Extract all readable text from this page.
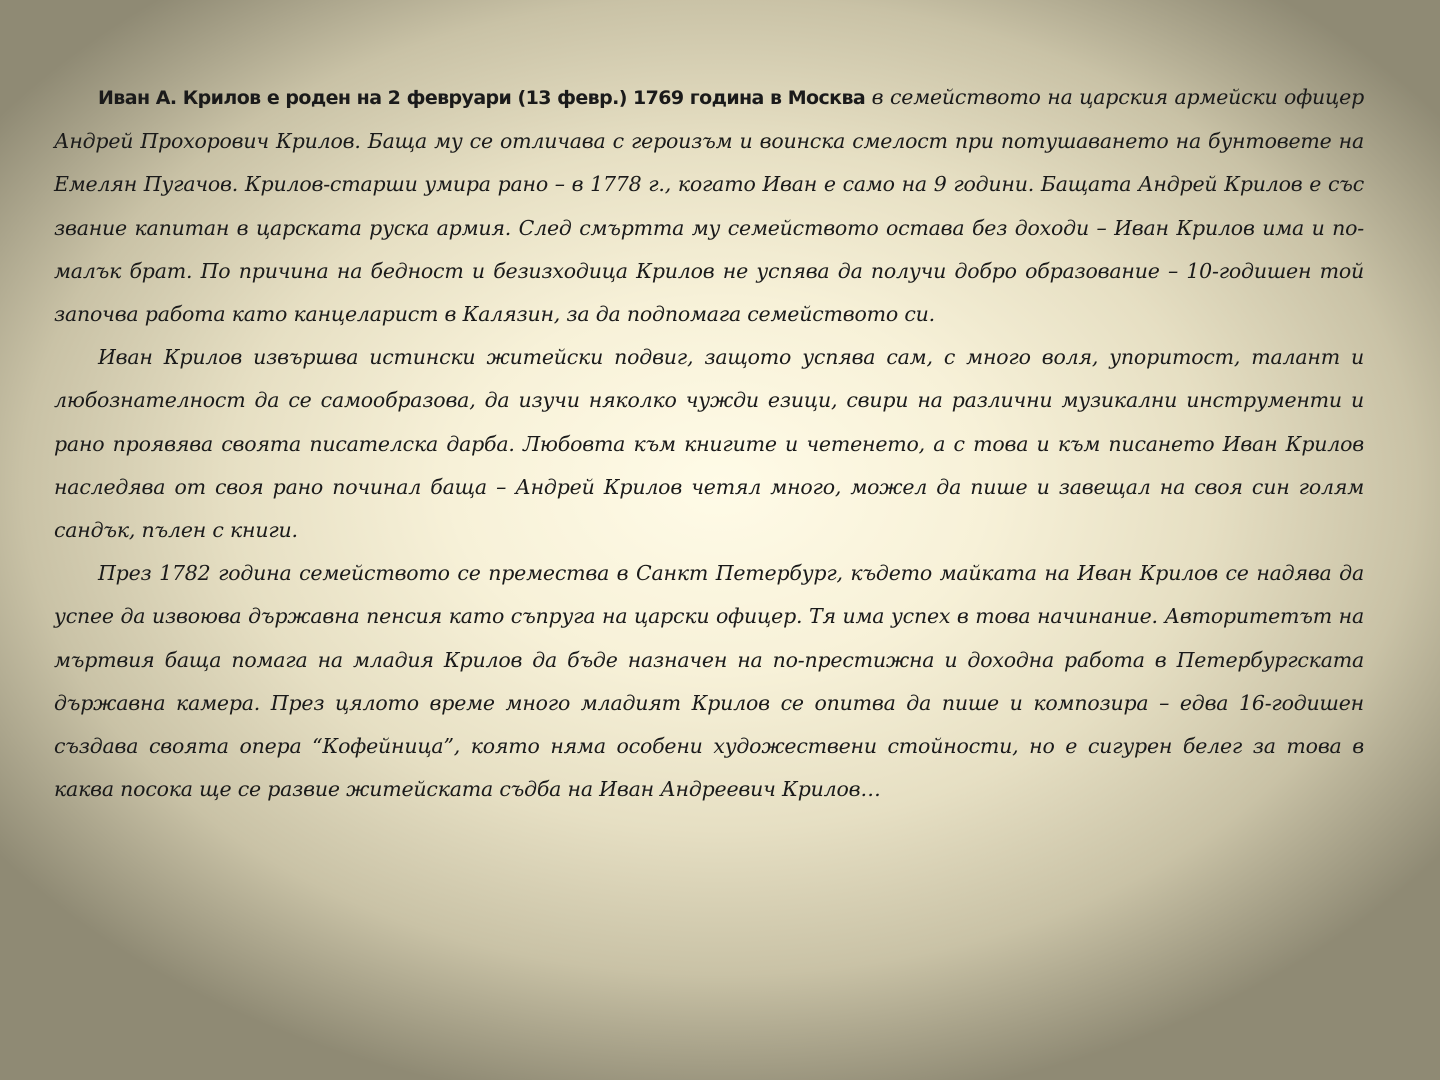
Иван А. Крилов е роден на 2 февруари (13 февр.) 1769 година в Москва в семейството на царския армейски офицер Андрей Прохорович Крилов. Баща му се отличава с героизъм и воинска смелост при потушаването на бунтовете на Емелян Пугачов. Крилов-старши умира рано – в 1778 г., когато Иван е само на 9 години. Бащата Андрей Крилов е със звание капитан в царската руска армия. След смъртта му семейството остава без доходи – Иван Крилов има и по-малък брат. По причина на бедност и безизходица Крилов не успява да получи добро образование – 10-годишен той започва работа като канцеларист в Калязин, за да подпомага семейството си.

Иван Крилов извършва истински житейски подвиг, защото успява сам, с много воля, упоритост, талант и любознателност да се самообразова, да изучи няколко чужди езици, свири на различни музикални инструменти и рано проявява своята писателска дарба. Любовта към книгите и четенето, а с това и към писането Иван Крилов наследява от своя рано починал баща – Андрей Крилов четял много, можел да пише и завещал на своя син голям сандък, пълен с книги.

През 1782 година семейството се премества в Санкт Петербург, където майката на Иван Крилов се надява да успее да извоюва държавна пенсия като съпруга на царски офицер. Тя има успех в това начинание. Авторитетът на мъртвия баща помага на младия Крилов да бъде назначен на по-престижна и доходна работа в Петербургската държавна камера. През цялото време много младият Крилов се опитва да пише и композира – едва 16-годишен създава своята опера “Кофейница”, която няма особени художествени стойности, но е сигурен белег за това в каква посока ще се развие житейската съдба на Иван Андреевич Крилов…
